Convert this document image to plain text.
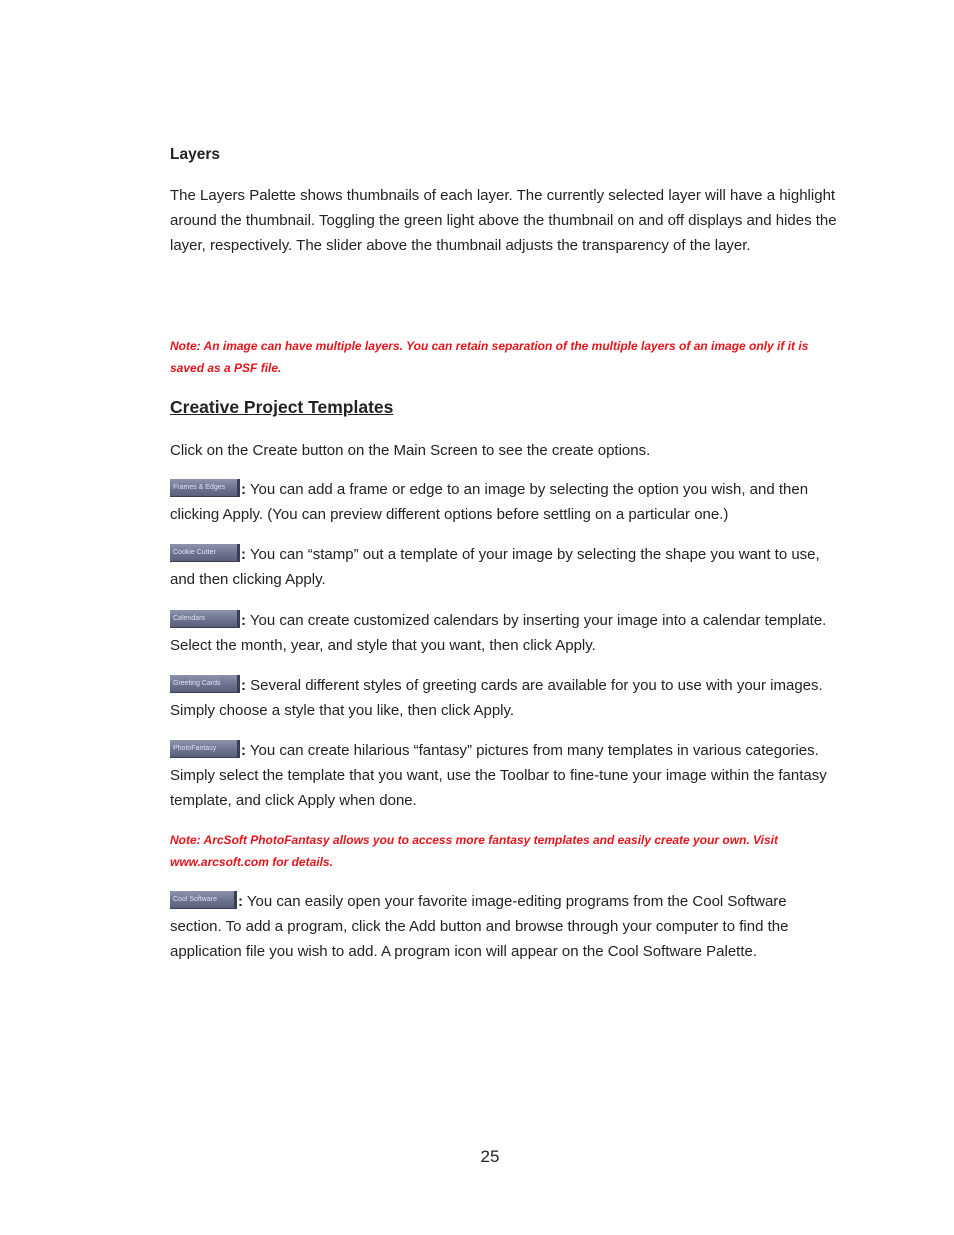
Layers
The Layers Palette shows thumbnails of each layer. The currently selected layer will have a highlight around the thumbnail. Toggling the green light above the thumbnail on and off displays and hides the layer, respectively. The slider above the thumbnail adjusts the transparency of the layer.
Note: An image can have multiple layers. You can retain separation of the multiple layers of an image only if it is saved as a PSF file.
Creative Project Templates
Click on the Create button on the Main Screen to see the create options.
Frames & Edges : You can add a frame or edge to an image by selecting the option you wish, and then clicking Apply. (You can preview different options before settling on a particular one.)
Cookie Cutter : You can “stamp” out a template of your image by selecting the shape you want to use, and then clicking Apply.
Calendars : You can create customized calendars by inserting your image into a calendar template. Select the month, year, and style that you want, then click Apply.
Greeting Cards : Several different styles of greeting cards are available for you to use with your images. Simply choose a style that you like, then click Apply.
PhotoFantasy : You can create hilarious “fantasy” pictures from many templates in various categories. Simply select the template that you want, use the Toolbar to fine-tune your image within the fantasy template, and click Apply when done.
Note: ArcSoft PhotoFantasy allows you to access more fantasy templates and easily create your own. Visit www.arcsoft.com for details.
Cool Software : You can easily open your favorite image-editing programs from the Cool Software section. To add a program, click the Add button and browse through your computer to find the application file you wish to add. A program icon will appear on the Cool Software Palette.
25
